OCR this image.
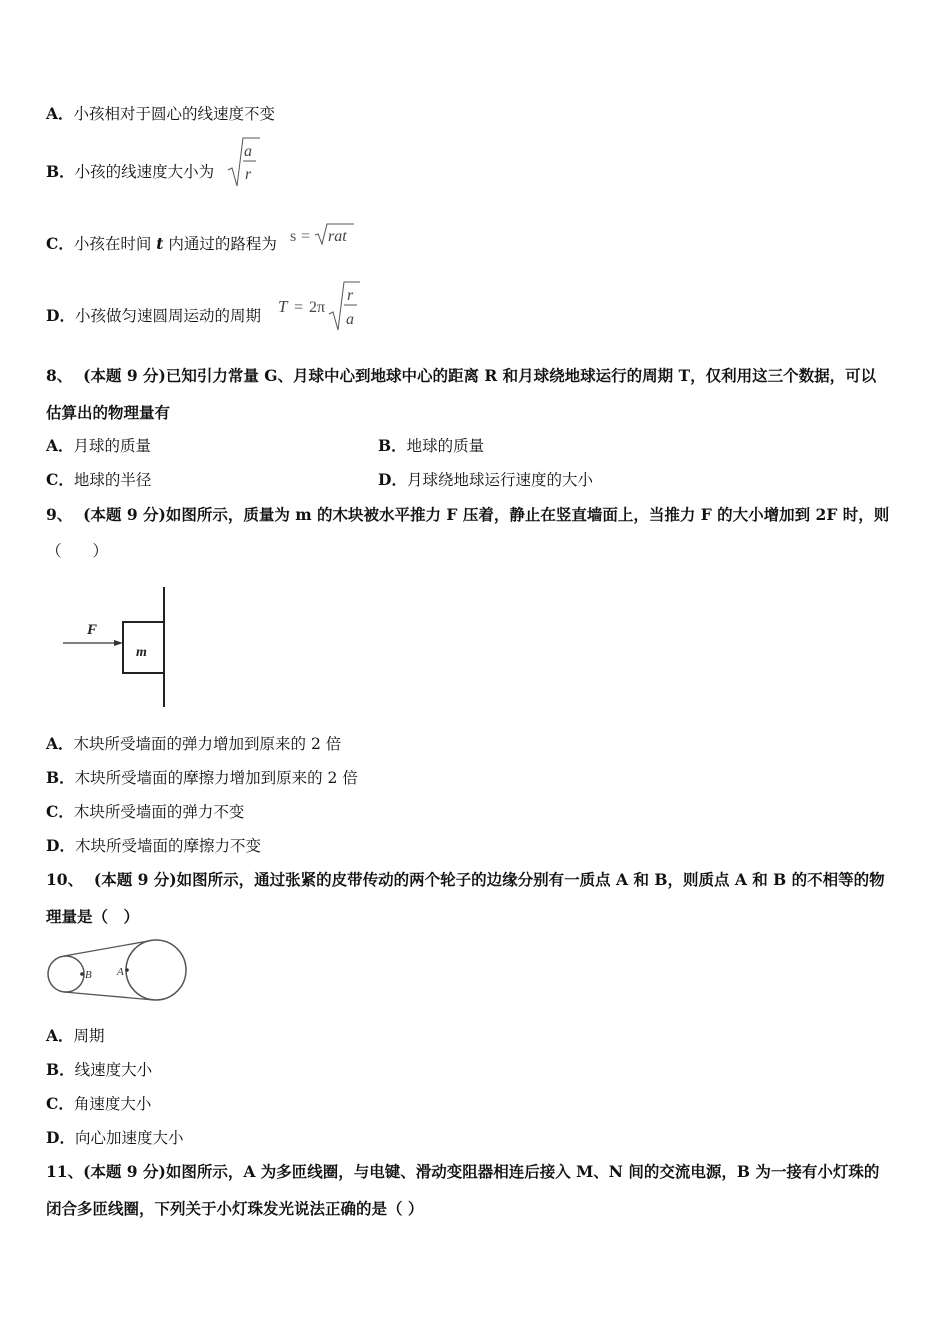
A．小孩相对于圆心的线速度不变
B．小孩的线速度大小为
a
r
C．小孩在时间 t 内通过的路程为 s = rat
D．小孩做匀速圆周运动的周期 T = 2π
r
a
8、 (本题 9 分)已知引力常量 G、月球中心到地球中心的距离 R 和月球绕地球运行的周期 T，仅利用这三个数据，可以
估算出的物理量有
A．月球的质量	B．地球的质量
C．地球的半径	D．月球绕地球运行速度的大小
9、 (本题 9 分)如图所示，质量为 m 的木块被水平推力 F 压着，静止在竖直墙面上，当推力 F 的大小增加到 2F 时，则
（　　）
F
m
A．木块所受墙面的弹力增加到原来的 2 倍
B．木块所受墙面的摩擦力增加到原来的 2 倍
C．木块所受墙面的弹力不变
D．木块所受墙面的摩擦力不变
10、 (本题 9 分)如图所示，通过张紧的皮带传动的两个轮子的边缘分别有一质点 A 和 B，则质点 A 和 B 的不相等的物
理量是（　）
B A
A．周期
B．线速度大小
C．角速度大小
D．向心加速度大小
11、(本题 9 分)如图所示，A 为多匝线圈，与电键、滑动变阻器相连后接入 M、N 间的交流电源，B 为一接有小灯珠的
闭合多匝线圈，下列关于小灯珠发光说法正确的是（ ）
